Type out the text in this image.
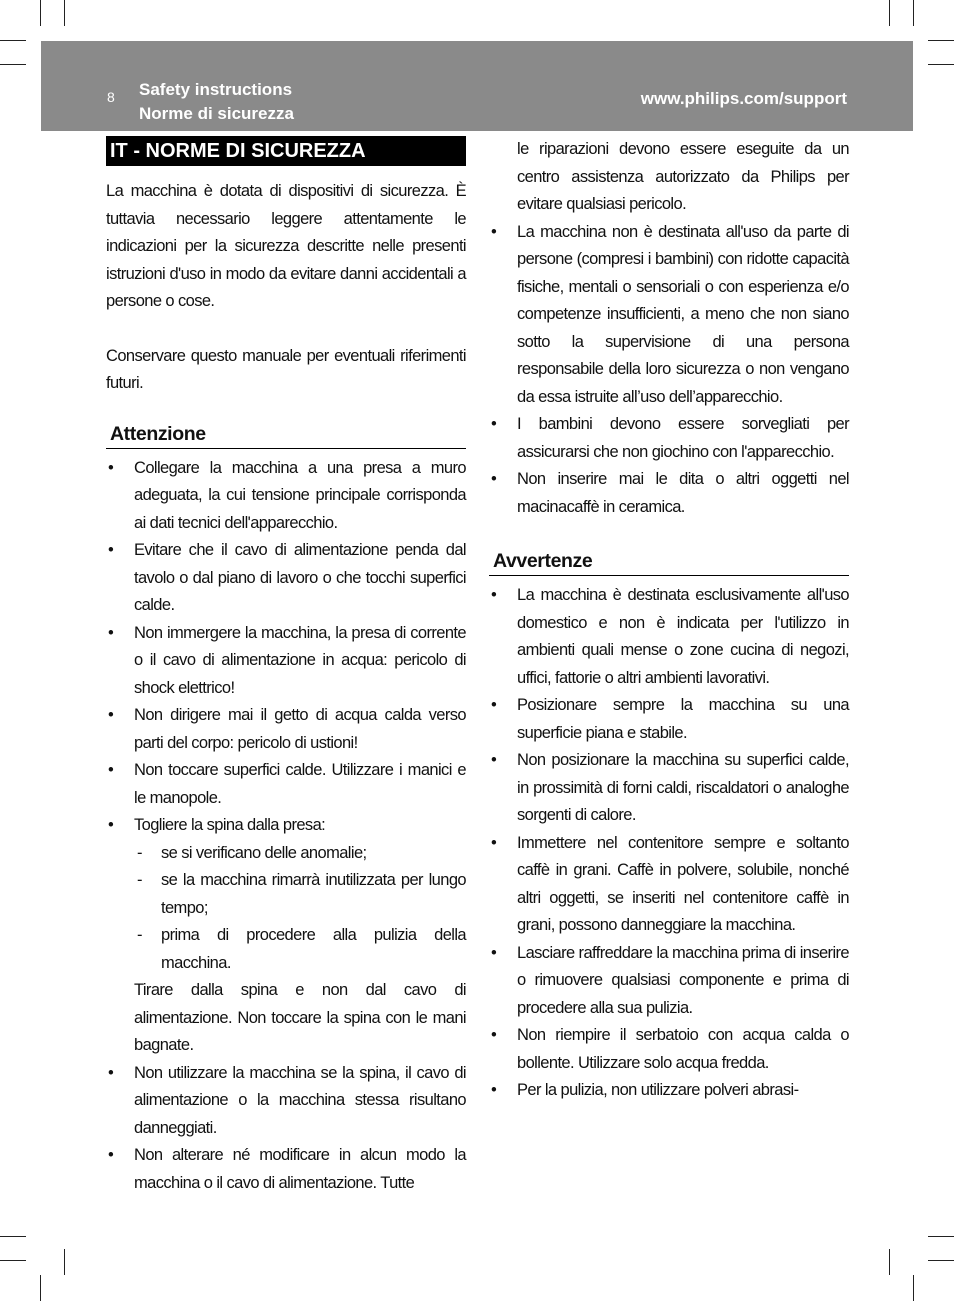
8 Safety instructions
Norme di sicurezza
www.philips.com/support
IT - NORME DI SICUREZZA

La macchina è dotata di dispositivi di sicurezza. È tuttavia necessario leggere attentamente le indicazioni per la sicurezza descritte nelle presenti istruzioni d'uso in modo da evitare danni accidentali a persone o cose.

Conservare questo manuale per eventuali riferimenti futuri.

Attenzione
• Collegare la macchina a una presa a muro adeguata, la cui tensione principale corrisponda ai dati tecnici dell'apparecchio.
• Evitare che il cavo di alimentazione penda dal tavolo o dal piano di lavoro o che tocchi superfici calde.
• Non immergere la macchina, la presa di corrente o il cavo di alimentazione in acqua: pericolo di shock elettrico!
• Non dirigere mai il getto di acqua calda verso parti del corpo: pericolo di ustioni!
• Non toccare superfici calde. Utilizzare i manici e le manopole.
• Togliere la spina dalla presa:
- se si verificano delle anomalie;
- se la macchina rimarrà inutilizzata per lungo tempo;
- prima di procedere alla pulizia della macchina.
Tirare dalla spina e non dal cavo di alimentazione. Non toccare la spina con le mani bagnate.
• Non utilizzare la macchina se la spina, il cavo di alimentazione o la macchina stessa risultano danneggiati.
• Non alterare né modificare in alcun modo la macchina o il cavo di alimentazione. Tutte
le riparazioni devono essere eseguite da un centro assistenza autorizzato da Philips per evitare qualsiasi pericolo.
• La macchina non è destinata all'uso da parte di persone (compresi i bambini) con ridotte capacità fisiche, mentali o sensoriali o con esperienza e/o competenze insufficienti, a meno che non siano sotto la supervisione di una persona responsabile della loro sicurezza o non vengano da essa istruite all’uso dell’apparecchio.
• I bambini devono essere sorvegliati per assicurarsi che non giochino con l'apparecchio.
• Non inserire mai le dita o altri oggetti nel macinacaffè in ceramica.
Avvertenze
• La macchina è destinata esclusivamente all'uso domestico e non è indicata per l'utilizzo in ambienti quali mense o zone cucina di negozi, uffici, fattorie o altri ambienti lavorativi.
• Posizionare sempre la macchina su una superficie piana e stabile.
• Non posizionare la macchina su superfici calde, in prossimità di forni caldi, riscaldatori o analoghe sorgenti di calore.
• Immettere nel contenitore sempre e soltanto caffè in grani. Caffè in polvere, solubile, nonché altri oggetti, se inseriti nel contenitore caffè in grani, possono danneggiare la macchina.
• Lasciare raffreddare la macchina prima di inserire o rimuovere qualsiasi componente e prima di procedere alla sua pulizia.
• Non riempire il serbatoio con acqua calda o bollente. Utilizzare solo acqua fredda.
• Per la pulizia, non utilizzare polveri abrasi-
